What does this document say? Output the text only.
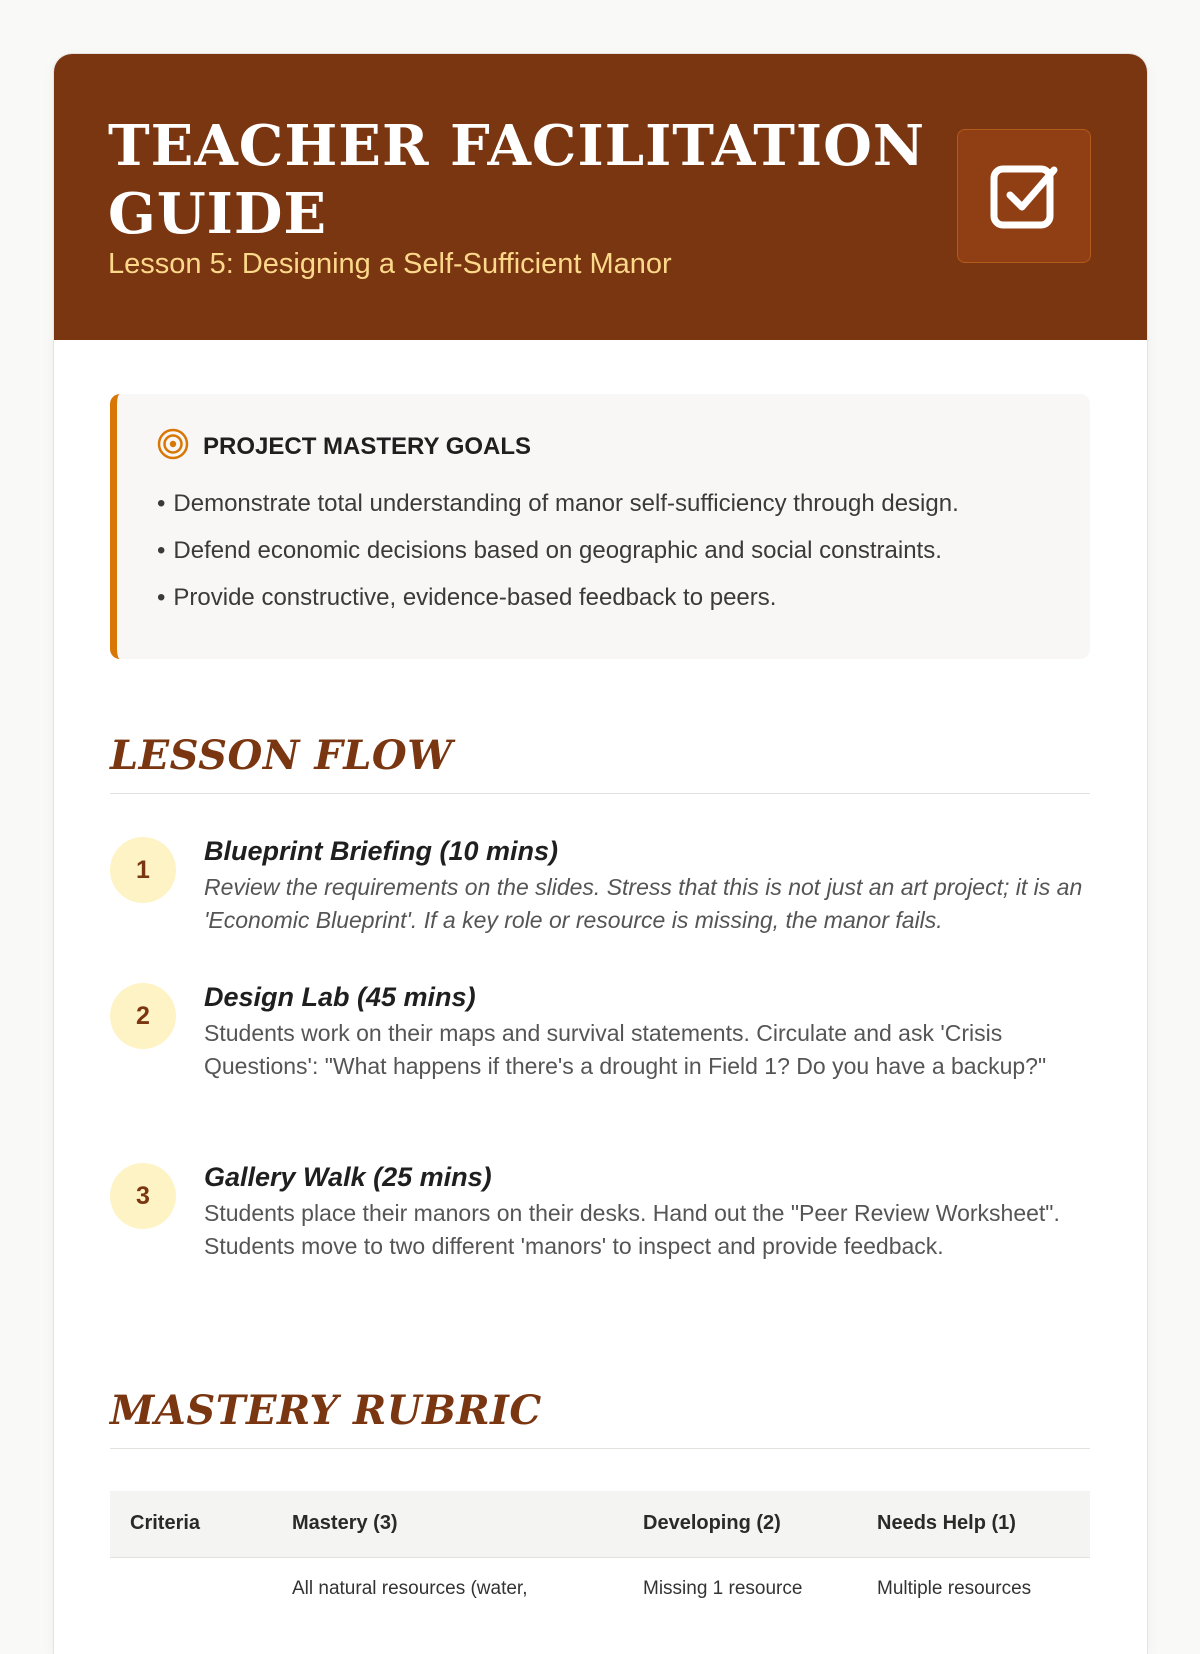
TEACHER FACILITATION GUIDE

Lesson 5: Designing a Self-Sufficient Manor

PROJECT MASTERY GOALS
• Demonstrate total understanding of manor self-sufficiency through design.
• Defend economic decisions based on geographic and social constraints.
• Provide constructive, evidence-based feedback to peers.
LESSON FLOW
1
Blueprint Briefing (10 mins)

Review the requirements on the slides. Stress that this is not just an art project; it is an 'Economic Blueprint'. If a key role or resource is missing, the manor fails.

2
Design Lab (45 mins)

Students work on their maps and survival statements. Circulate and ask 'Crisis Questions': "What happens if there's a drought in Field 1? Do you have a backup?"

3
Gallery Walk (25 mins)

Students place their manors on their desks. Hand out the "Peer Review Worksheet". Students move to two different 'manors' to inspect and provide feedback.

MASTERY RUBRIC
Criteria	Mastery (3)	Developing (2)	Needs Help (1)
	All natural resources (water,	Missing 1 resource	Multiple resources
